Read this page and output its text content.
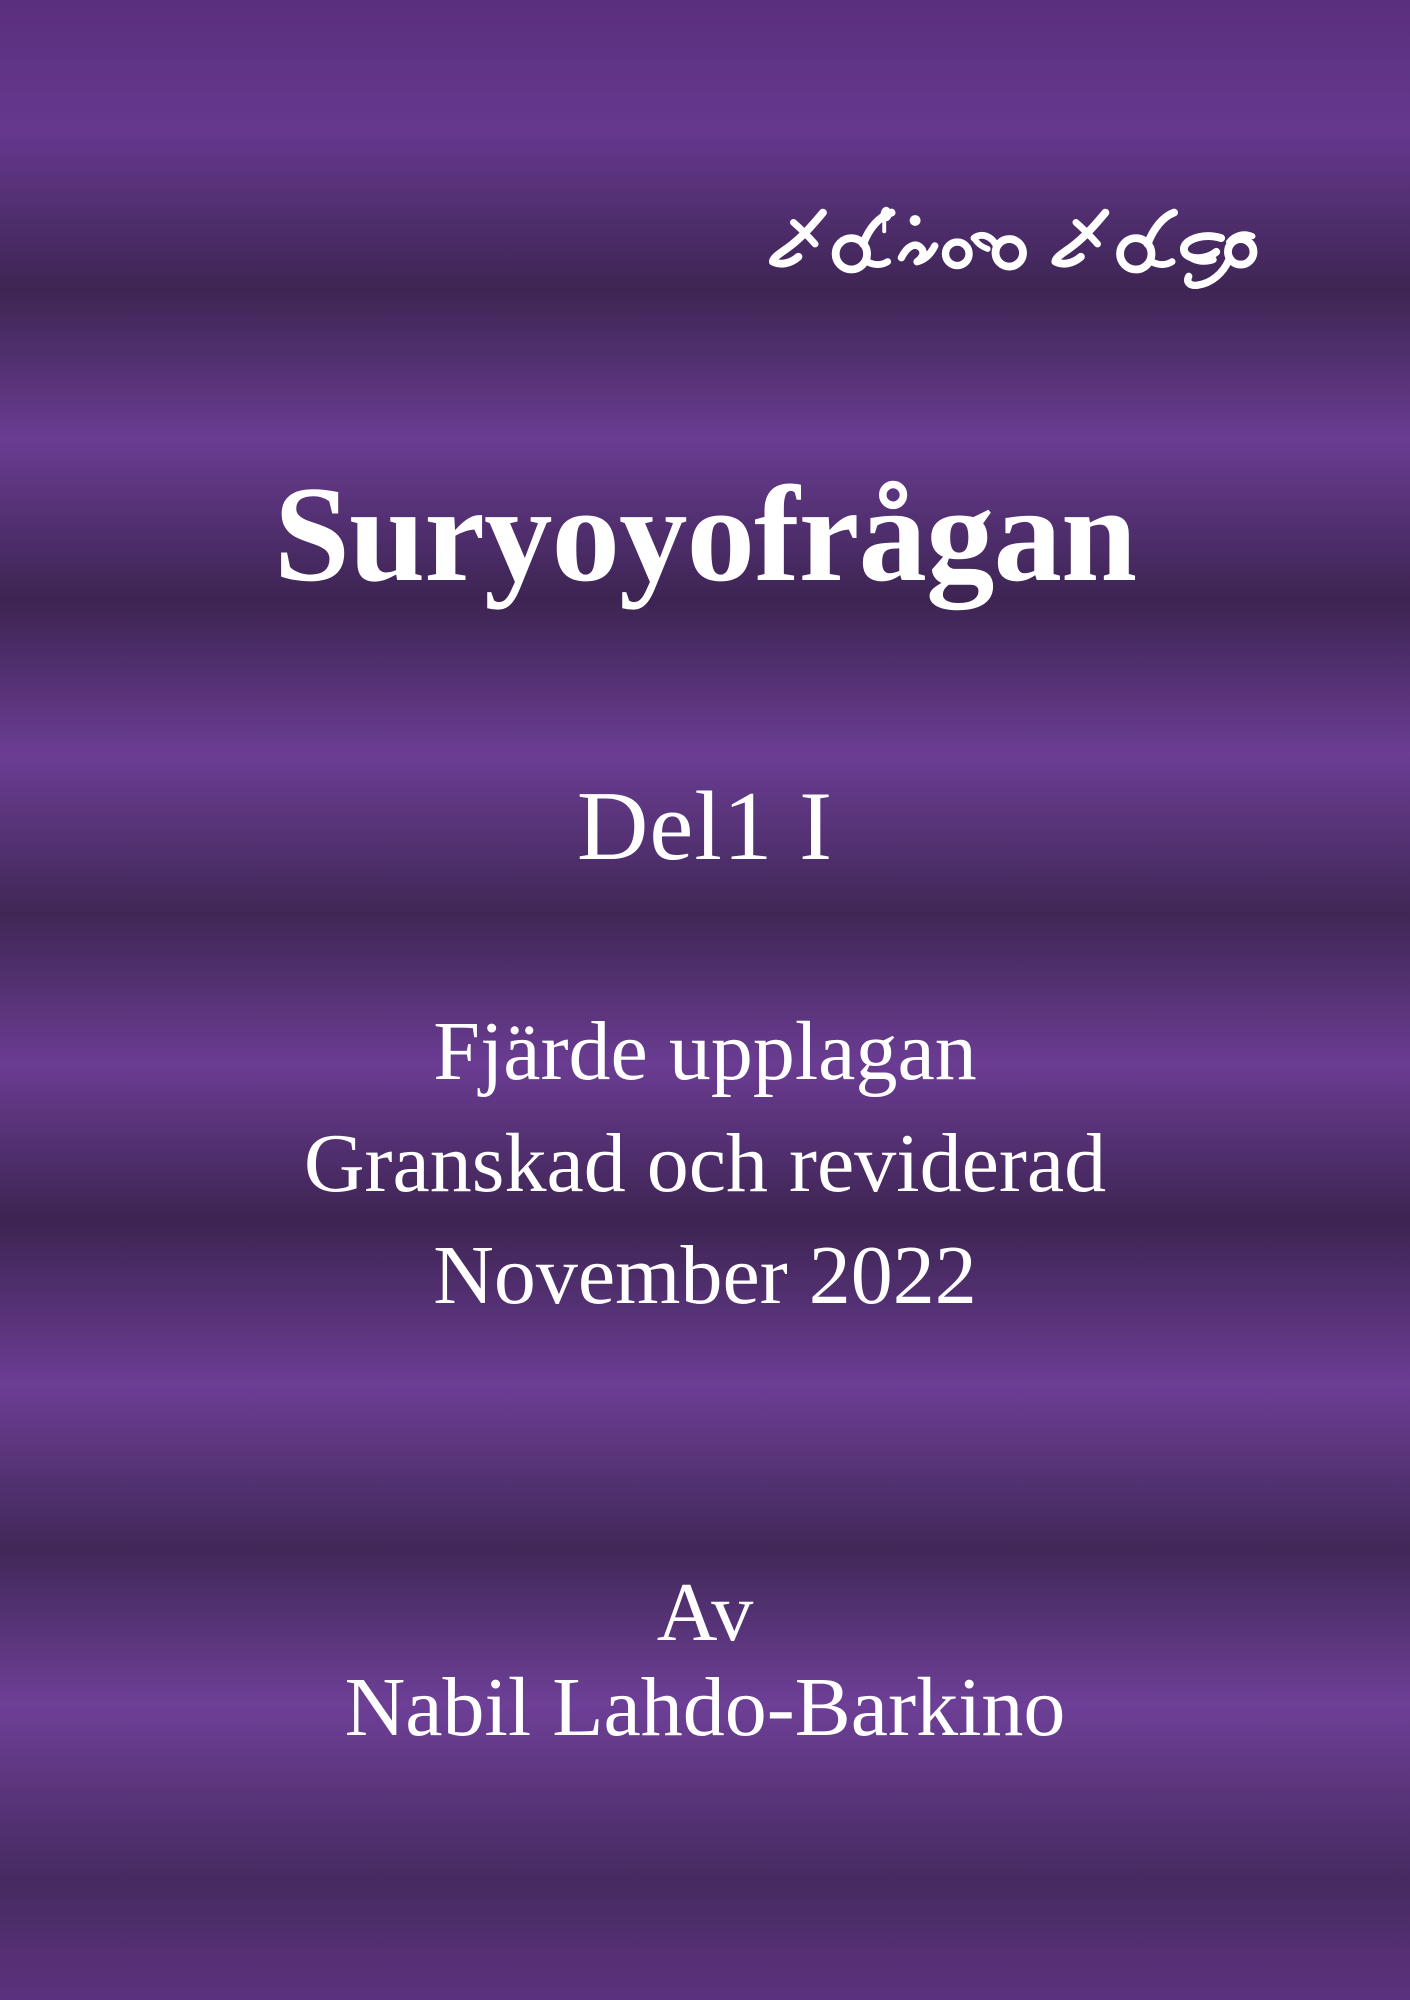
Suryoyofrågan
Del1 I
Fjärde upplagan
Granskad och reviderad
November 2022
Av
Nabil Lahdo-Barkino
